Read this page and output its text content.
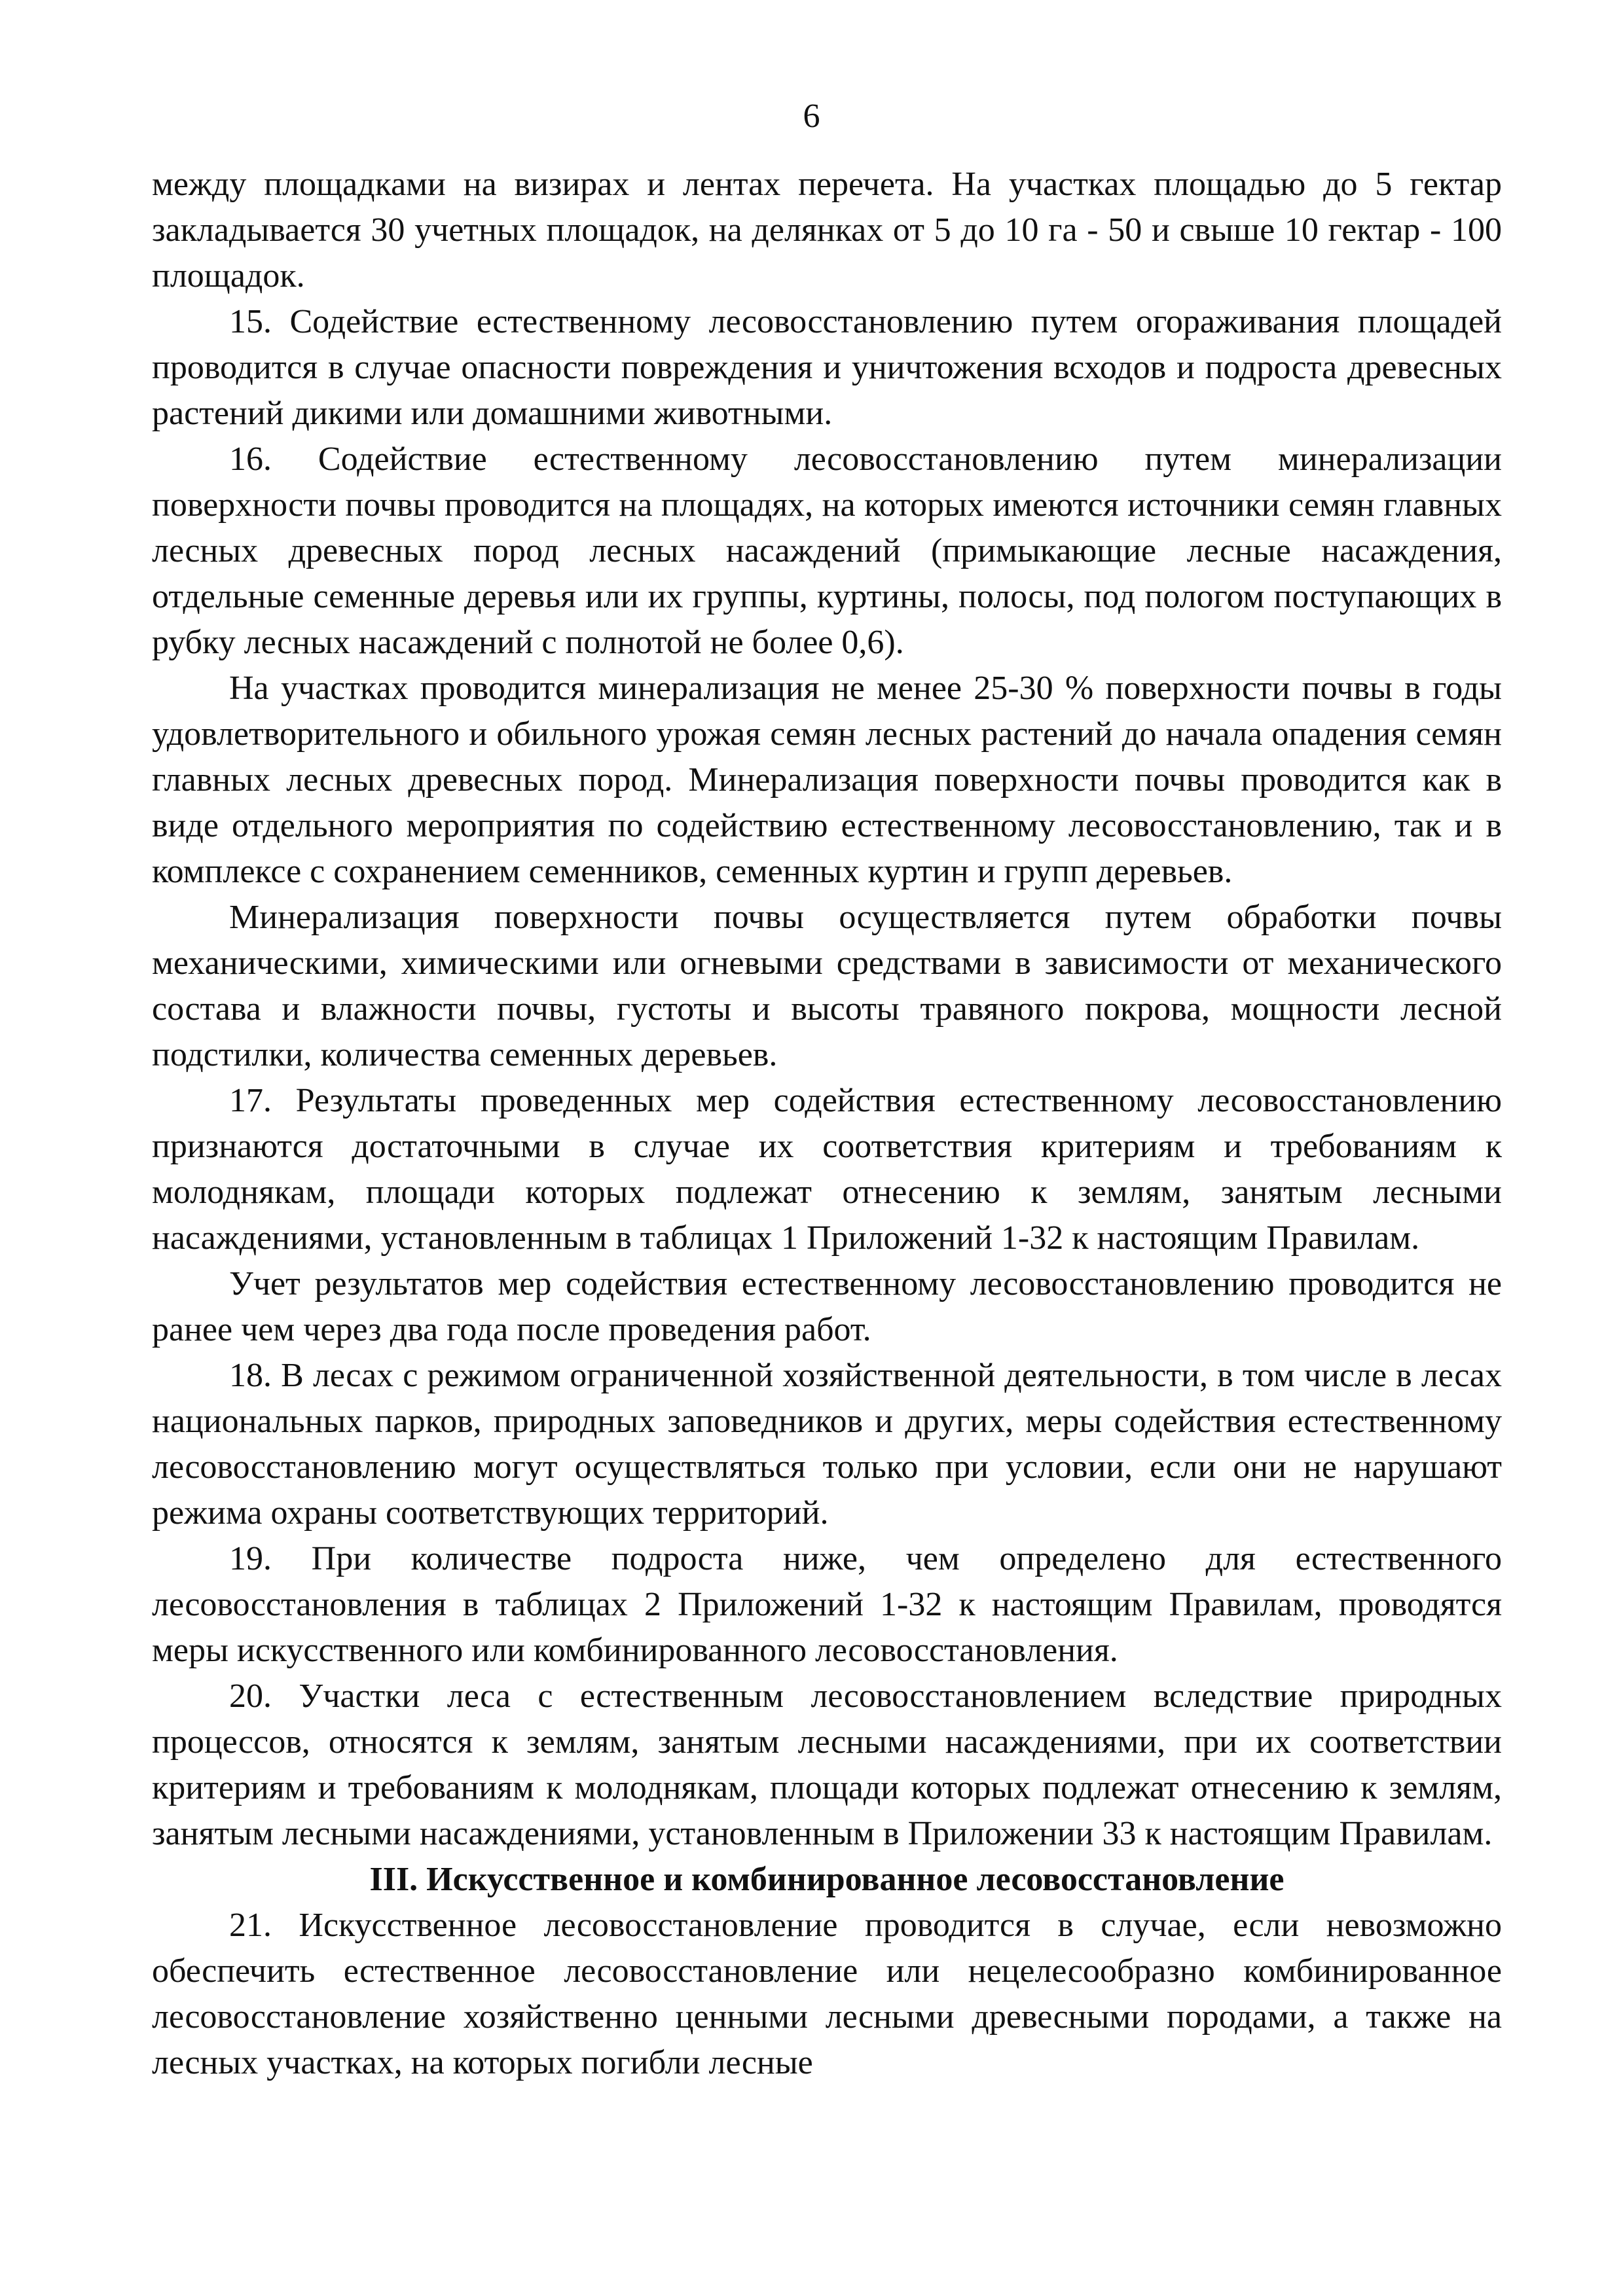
6

между площадками на визирах и лентах перечета. На участках площадью до 5 гектар закладывается 30 учетных площадок, на делянках от 5 до 10 га - 50 и свыше 10 гектар - 100 площадок.

15. Содействие естественному лесовосстановлению путем огораживания площадей проводится в случае опасности повреждения и уничтожения всходов и подроста древесных растений дикими или домашними животными.

16. Содействие естественному лесовосстановлению путем минерализации поверхности почвы проводится на площадях, на которых имеются источники семян главных лесных древесных пород лесных насаждений (примыкающие лесные насаждения, отдельные семенные деревья или их группы, куртины, полосы, под пологом поступающих в рубку лесных насаждений с полнотой не более 0,6).

На участках проводится минерализация не менее 25-30 % поверхности почвы в годы удовлетворительного и обильного урожая семян лесных растений до начала опадения семян главных лесных древесных пород. Минерализация поверхности почвы проводится как в виде отдельного мероприятия по содействию естественному лесовосстановлению, так и в комплексе с сохранением семенников, семенных куртин и групп деревьев.

Минерализация поверхности почвы осуществляется путем обработки почвы механическими, химическими или огневыми средствами в зависимости от механического состава и влажности почвы, густоты и высоты травяного покрова, мощности лесной подстилки, количества семенных деревьев.

17. Результаты проведенных мер содействия естественному лесовосстановлению признаются достаточными в случае их соответствия критериям и требованиям к молоднякам, площади которых подлежат отнесению к землям, занятым лесными насаждениями, установленным в таблицах 1 Приложений 1-32 к настоящим Правилам.

Учет результатов мер содействия естественному лесовосстановлению проводится не ранее чем через два года после проведения работ.

18. В лесах с режимом ограниченной хозяйственной деятельности, в том числе в лесах национальных парков, природных заповедников и других, меры содействия естественному лесовосстановлению могут осуществляться только при условии, если они не нарушают режима охраны соответствующих территорий.

19. При количестве подроста ниже, чем определено для естественного лесовосстановления в таблицах 2 Приложений 1-32 к настоящим Правилам, проводятся меры искусственного или комбинированного лесовосстановления.

20. Участки леса с естественным лесовосстановлением вследствие природных процессов, относятся к землям, занятым лесными насаждениями, при их соответствии критериям и требованиям к молоднякам, площади которых подлежат отнесению к землям, занятым лесными насаждениями, установленным в Приложении 33 к настоящим Правилам.

III. Искусственное и комбинированное лесовосстановление

21. Искусственное лесовосстановление проводится в случае, если невозможно обеспечить естественное лесовосстановление или нецелесообразно комбинированное лесовосстановление хозяйственно ценными лесными древесными породами, а также на лесных участках, на которых погибли лесные
